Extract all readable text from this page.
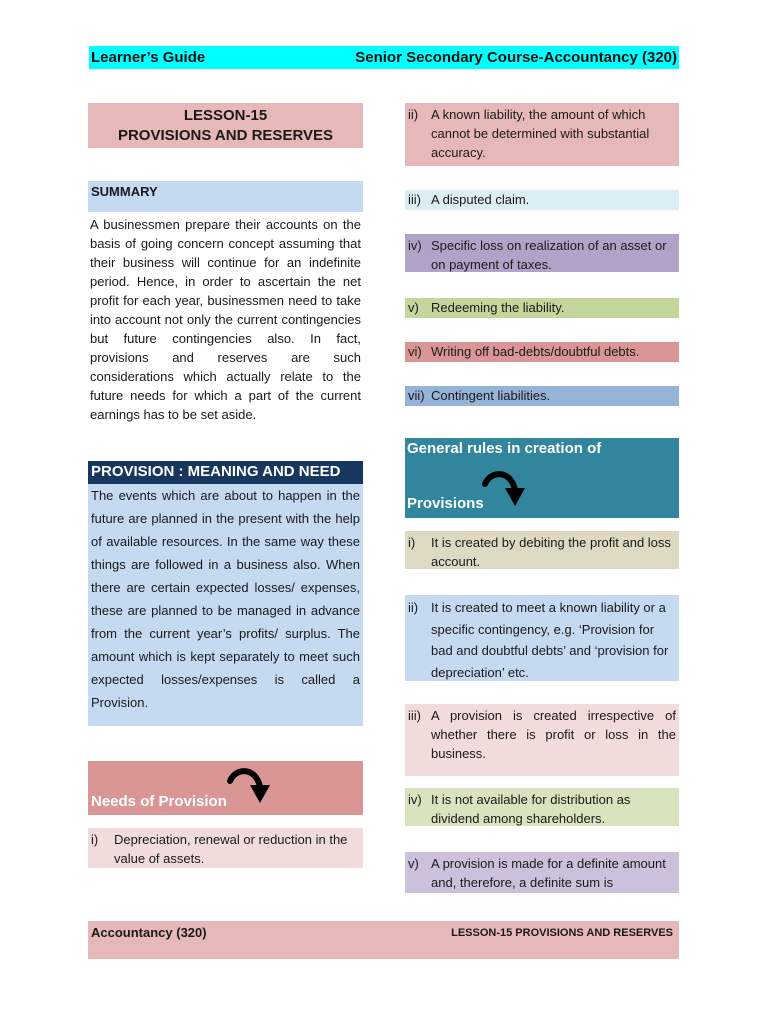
Learner’s Guide	Senior Secondary Course-Accountancy (320)
LESSON-15
PROVISIONS AND RESERVES
SUMMARY
A businessmen prepare their accounts on the basis of going concern concept assuming that their business will continue for an indefinite period. Hence, in order to ascertain the net profit for each year, businessmen need to take into account not only the current contingencies but future contingencies also. In fact, provisions and reserves are such considerations which actually relate to the future needs for which a part of the current earnings has to be set aside.
PROVISION : MEANING AND NEED
The events which are about to happen in the future are planned in the present with the help of available resources. In the same way these things are followed in a business also. When there are certain expected losses/ expenses, these are planned to be managed in advance from the current year’s profits/ surplus. The amount which is kept separately to meet such expected losses/expenses is called a Provision.
Needs of Provision
i)	Depreciation, renewal or reduction in the value of assets.
ii) A known liability, the amount of which cannot be determined with substantial accuracy.
iii) A disputed claim.
iv) Specific loss on realization of an asset or on payment of taxes.
v) Redeeming the liability.
vi) Writing off bad-debts/doubtful debts.
vii) Contingent liabilities.
General rules in creation of
Provisions
i)	It is created by debiting the profit and loss account.
ii) It is created to meet a known liability or a specific contingency, e.g. ‘Provision for bad and doubtful debts’ and ‘provision for depreciation’ etc.
iii) A provision is created irrespective of whether there is profit or loss in the business.
iv) It is not available for distribution as dividend among shareholders.
v) A provision is made for a definite amount and, therefore, a definite sum is
Accountancy (320)	LESSON-15 PROVISIONS AND RESERVES
